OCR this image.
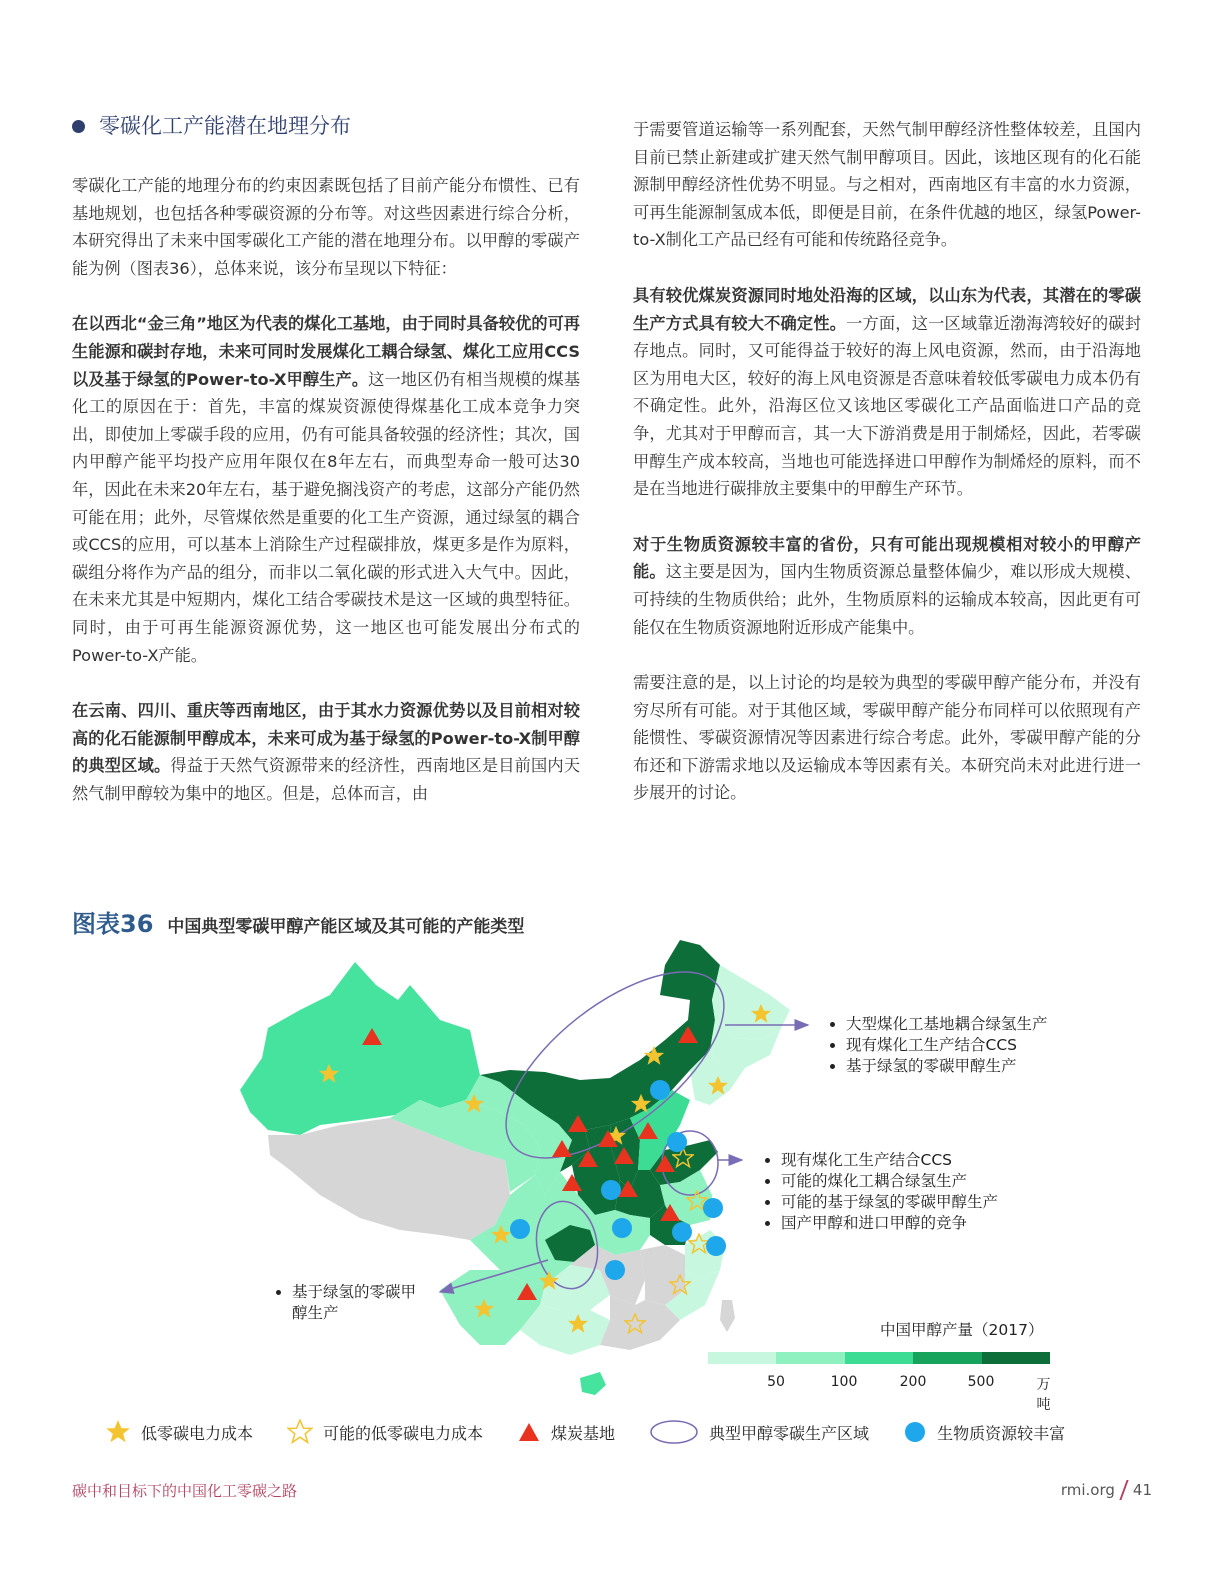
零碳化工产能潜在地理分布

零碳化工产能的地理分布的约束因素既包括了目前产能分布惯性、已有基地规划，也包括各种零碳资源的分布等。对这些因素进行综合分析，本研究得出了未来中国零碳化工产能的潜在地理分布。以甲醇的零碳产能为例（图表36），总体来说，该分布呈现以下特征：

在以西北“金三角”地区为代表的煤化工基地，由于同时具备较优的可再生能源和碳封存地，未来可同时发展煤化工耦合绿氢、煤化工应用CCS以及基于绿氢的Power-to-X甲醇生产。这一地区仍有相当规模的煤基化工的原因在于：首先，丰富的煤炭资源使得煤基化工成本竞争力突出，即使加上零碳手段的应用，仍有可能具备较强的经济性；其次，国内甲醇产能平均投产应用年限仅在8年左右，而典型寿命一般可达30年，因此在未来20年左右，基于避免搁浅资产的考虑，这部分产能仍然可能在用；此外，尽管煤依然是重要的化工生产资源，通过绿氢的耦合或CCS的应用，可以基本上消除生产过程碳排放，煤更多是作为原料，碳组分将作为产品的组分，而非以二氧化碳的形式进入大气中。因此，在未来尤其是中短期内，煤化工结合零碳技术是这一区域的典型特征。同时，由于可再生能源资源优势，这一地区也可能发展出分布式的Power-to-X产能。

在云南、四川、重庆等西南地区，由于其水力资源优势以及目前相对较高的化石能源制甲醇成本，未来可成为基于绿氢的Power-to-X制甲醇的典型区域。得益于天然气资源带来的经济性，西南地区是目前国内天然气制甲醇较为集中的地区。但是，总体而言，由

于需要管道运输等一系列配套，天然气制甲醇经济性整体较差，且国内目前已禁止新建或扩建天然气制甲醇项目。因此，该地区现有的化石能源制甲醇经济性优势不明显。与之相对，西南地区有丰富的水力资源，可再生能源制氢成本低，即便是目前，在条件优越的地区，绿氢Power-to-X制化工产品已经有可能和传统路径竞争。

具有较优煤炭资源同时地处沿海的区域，以山东为代表，其潜在的零碳生产方式具有较大不确定性。一方面，这一区域靠近渤海湾较好的碳封存地点。同时，又可能得益于较好的海上风电资源，然而，由于沿海地区为用电大区，较好的海上风电资源是否意味着较低零碳电力成本仍有不确定性。此外，沿海区位又该地区零碳化工产品面临进口产品的竞争，尤其对于甲醇而言，其一大下游消费是用于制烯烃，因此，若零碳甲醇生产成本较高，当地也可能选择进口甲醇作为制烯烃的原料，而不是在当地进行碳排放主要集中的甲醇生产环节。

对于生物质资源较丰富的省份，只有可能出现规模相对较小的甲醇产能。这主要是因为，国内生物质资源总量整体偏少，难以形成大规模、可持续的生物质供给；此外，生物质原料的运输成本较高，因此更有可能仅在生物质资源地附近形成产能集中。

需要注意的是，以上讨论的均是较为典型的零碳甲醇产能分布，并没有穷尽所有可能。对于其他区域，零碳甲醇产能分布同样可以依照现有产能惯性、零碳资源情况等因素进行综合考虑。此外，零碳甲醇产能的分布还和下游需求地以及运输成本等因素有关。本研究尚未对此进行进一步展开的讨论。

图表36 中国典型零碳甲醇产能区域及其可能的产能类型
• 大型煤化工基地耦合绿氢生产
• 现有煤化工生产结合CCS
• 基于绿氢的零碳甲醇生产
• 现有煤化工生产结合CCS
• 可能的煤化工耦合绿氢生产
• 可能的基于绿氢的零碳甲醇生产
• 国产甲醇和进口甲醇的竞争
• 基于绿氢的零碳甲醇生产
中国甲醇产量（2017）
50	100	200	500	万吨
低零碳电力成本	可能的低零碳电力成本	煤炭基地	典型甲醇零碳生产区域	生物质资源较丰富
碳中和目标下的中国化工零碳之路	rmi.org 41
